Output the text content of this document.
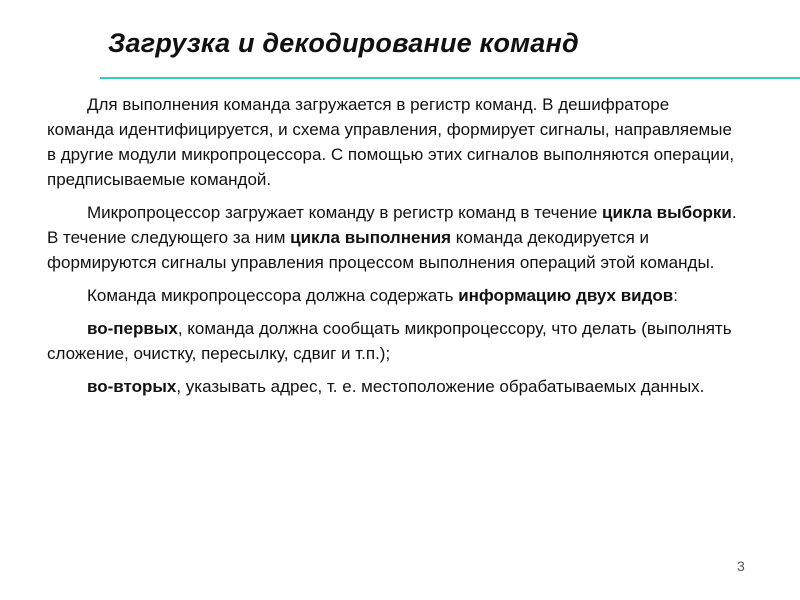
Загрузка и декодирование команд

Для выполнения команда загружается в регистр команд. В дешифраторе команда идентифицируется, и схема управления, формирует сигналы, направляемые в другие модули микропроцессора. С помощью этих сигналов выполняются операции, предписываемые командой.

Микропроцессор загружает команду в регистр команд в течение цикла выборки. В течение следующего за ним цикла выполнения команда декодируется и формируются сигналы управления процессом выполнения операций этой команды.

Команда микропроцессора должна содержать информацию двух видов:

во-первых, команда должна сообщать микропроцессору, что делать (выполнять сложение, очистку, пересылку, сдвиг и т.п.);

во-вторых, указывать адрес, т. е. местоположение обрабатываемых данных.

3
